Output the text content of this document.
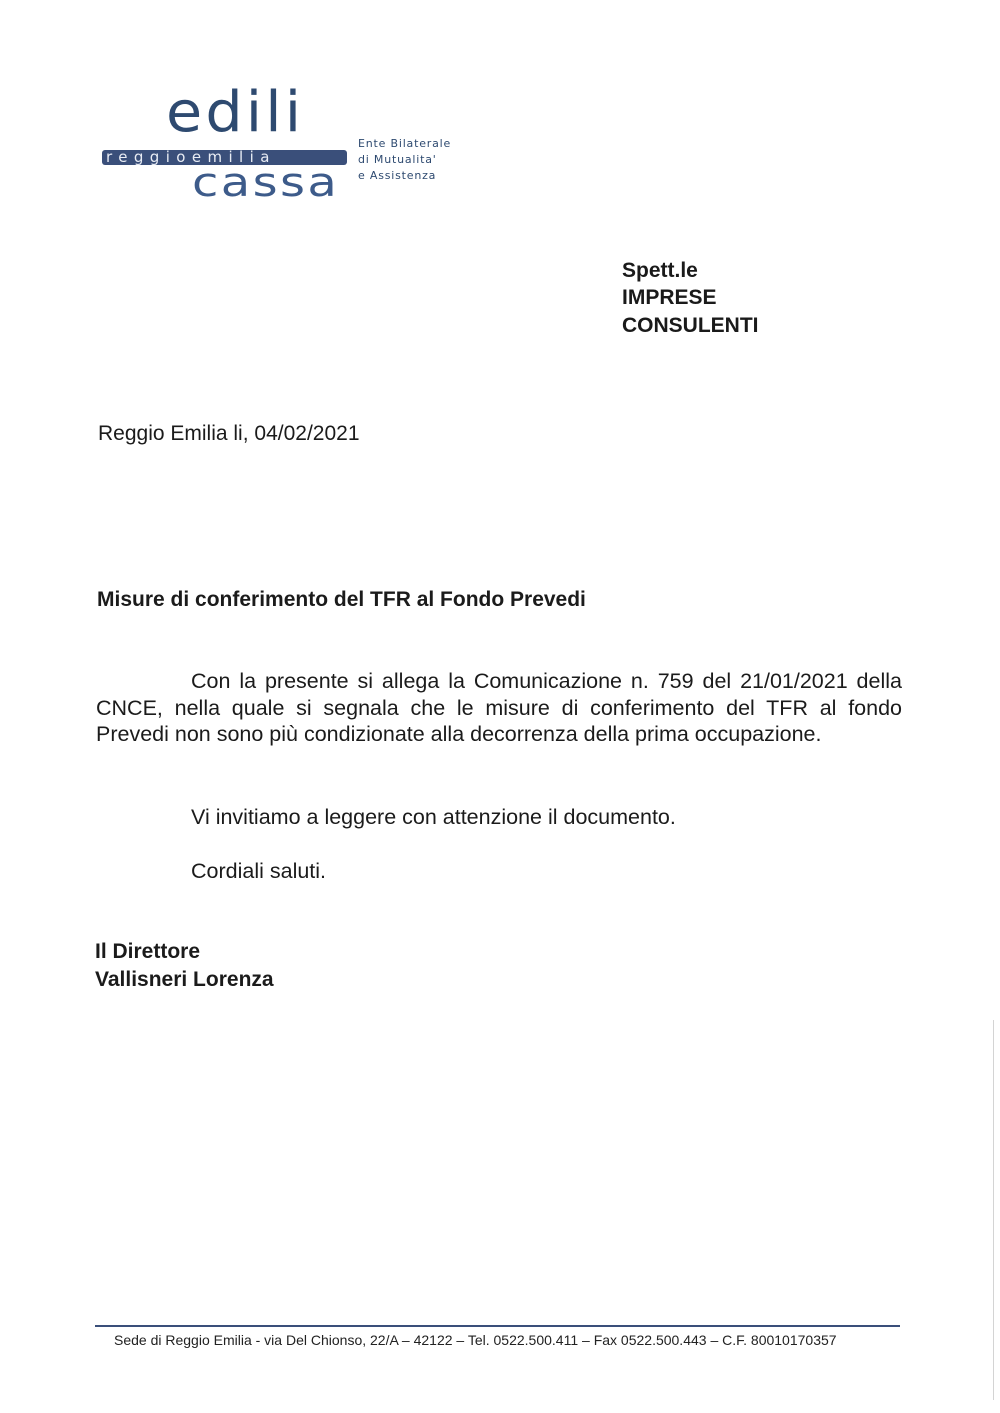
edili
reggioemilia
cassa
Ente Bilaterale
di Mutualita'
e Assistenza
Spett.le
IMPRESE
CONSULENTI
Reggio Emilia li, 04/02/2021
Misure di conferimento del TFR al Fondo Prevedi
Con la presente si allega la Comunicazione n. 759 del 21/01/2021 della CNCE, nella quale si segnala che le misure di conferimento del TFR al fondo Prevedi non sono più condizionate alla decorrenza della prima occupazione.
Vi invitiamo a leggere con attenzione il documento.
Cordiali saluti.
Il Direttore
Vallisneri Lorenza
Sede di Reggio Emilia - via Del Chionso, 22/A – 42122 – Tel. 0522.500.411 – Fax 0522.500.443 – C.F. 80010170357
